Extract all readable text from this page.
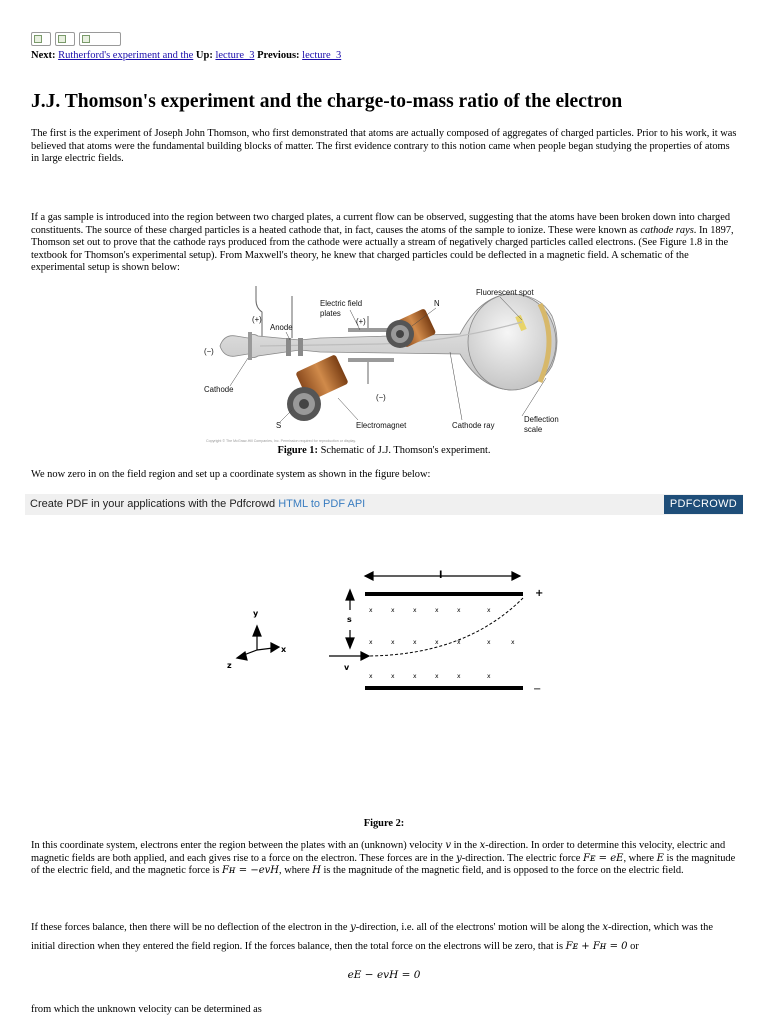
Next: Rutherford's experiment and the Up: lecture_3 Previous: lecture_3
J.J. Thomson's experiment and the charge-to-mass ratio of the electron
The first is the experiment of Joseph John Thomson, who first demonstrated that atoms are actually composed of aggregates of charged particles. Prior to his work, it was believed that atoms were the fundamental building blocks of matter. The first evidence contrary to this notion came when people began studying the properties of atoms in large electric fields.
If a gas sample is introduced into the region between two charged plates, a current flow can be observed, suggesting that the atoms have been broken down into charged constituents. The source of these charged particles is a heated cathode that, in fact, causes the atoms of the sample to ionize. These were known as cathode rays. In 1897, Thomson set out to prove that the cathode rays produced from the cathode were actually a stream of negatively charged particles called electrons. (See Figure 1.8 in the textbook for Thomson's experimental setup). From Maxwell's theory, he knew that charged particles could be deflected in a magnetic field. A schematic of the experimental setup is shown below:
Electric field
plates
N
Fluorescent spot
(+)
Anode
(+)
(−)
Cathode
(−)
S	Electromagnet	Cathode ray
Deflection
scale
Copyright © The McGraw-Hill Companies, Inc. Permission required for reproduction or display.
Figure 1: Schematic of J.J. Thomson's experiment.
We now zero in on the field region and set up a coordinate system as shown in the figure below:
Create PDF in your applications with the Pdfcrowd HTML to PDF API	PDFCROWD
l
+
−
x	x	x	x	x	x
x	x	x	x	x	x	x
x	x	x	x	x	x
s
v
y
x
z
Figure 2:
In this coordinate system, electrons enter the region between the plates with an (unknown) velocity v in the x-direction. In order to determine this velocity, electric and magnetic fields are both applied, and each gives rise to a force on the electron. These forces are in the y-direction. The electric force Fᴇ = eE, where E is the magnitude of the electric field, and the magnetic force is Fʜ = −evH, where H is the magnitude of the magnetic field, and is opposed to the force on the electric field.
If these forces balance, then there will be no deflection of the electron in the y-direction, i.e. all of the electrons' motion will be along the x-direction, which was the initial direction when they entered the field region. If the forces balance, then the total force on the electrons will be zero, that is Fᴇ + Fʜ = 0 or
eE − evH = 0
from which the unknown velocity can be determined as
